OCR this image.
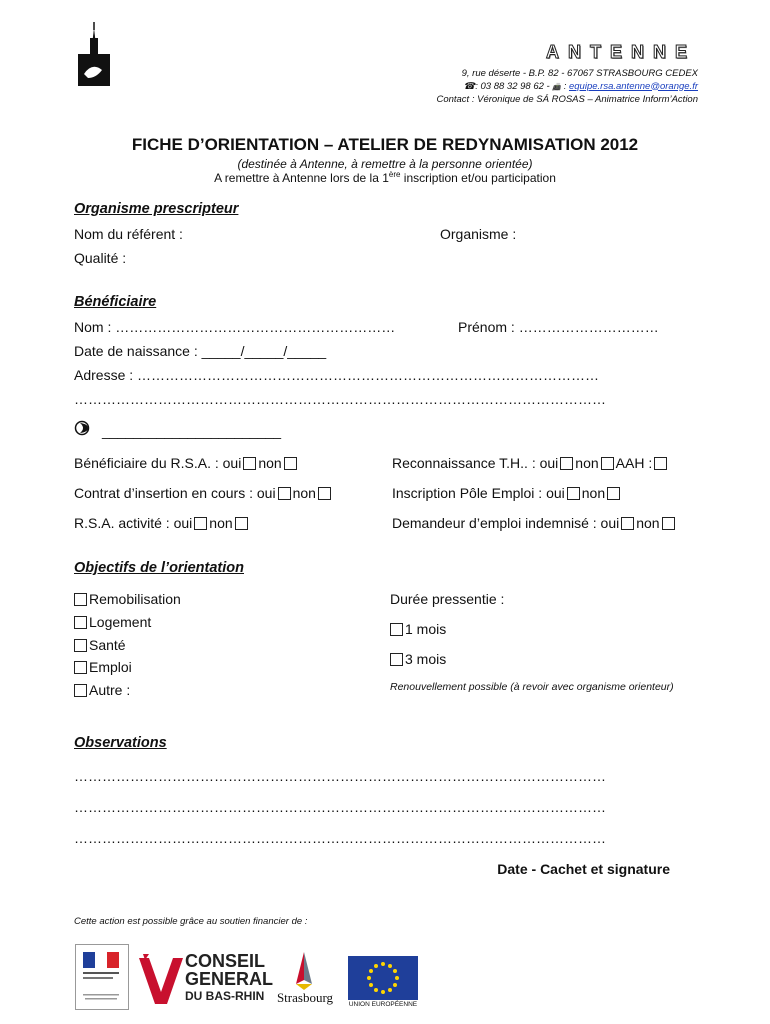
ANTENNE
9, rue déserte - B.P. 82 - 67067 STRASBOURG CEDEX
☎: 03 88 32 98 62 - 📠 : equipe.rsa.antenne@orange.fr
Contact : Véronique de SÁ ROSAS – Animatrice Inform’Action
FICHE D’ORIENTATION – ATELIER DE REDYNAMISATION 2012
(destinée à Antenne, à remettre à la personne orientée)
A remettre à Antenne lors de la 1ère inscription et/ou participation
Organisme prescripteur
Nom du référent :	Organisme :
Qualité :
Bénéficiaire
Nom : ……………………………………………………	Prénom : …………………………
Date de naissance : _____/_____/_____
Adresse : ………………………………………………………………………………………
……………………………………………………………………………………………………
_______________________
Bénéficiaire du R.S.A. : oui non	Reconnaissance T.H.. : oui non AAH :
Contrat d’insertion en cours : oui non	Inscription Pôle Emploi : oui non
R.S.A. activité : oui non	Demandeur d’emploi indemnisé : oui non
Objectifs de l’orientation
Remobilisation
Logement
Santé
Emploi
Autre :
Durée pressentie :
1 mois
3 mois
Renouvellement possible (à revoir avec organisme orienteur)
Observations
……………………………………………………………………………………………………
……………………………………………………………………………………………………
……………………………………………………………………………………………………
Date - Cachet et signature
Cette action est possible grâce au soutien financier de :
CONSEIL
GENERAL
DU BAS-RHIN Strasbourg	UNION EUROPÉENNE
